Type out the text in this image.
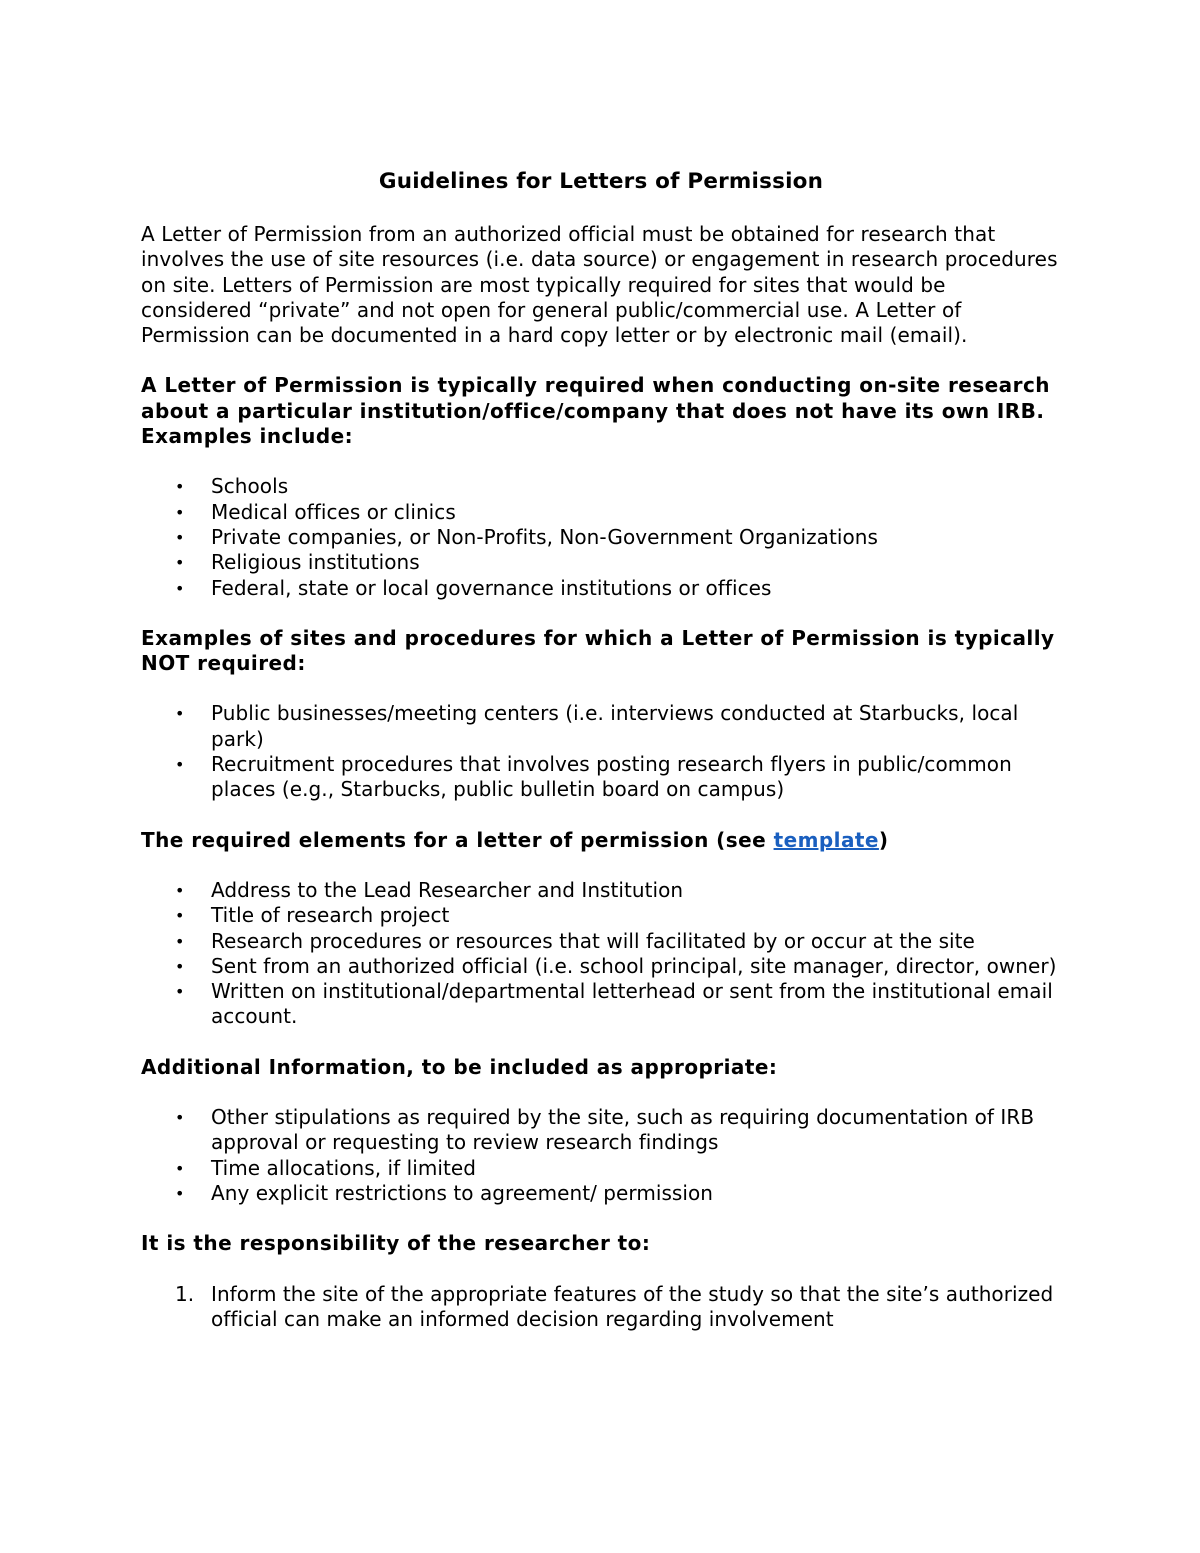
Guidelines for Letters of Permission

A Letter of Permission from an authorized official must be obtained for research that involves the use of site resources (i.e. data source) or engagement in research procedures on site. Letters of Permission are most typically required for sites that would be considered “private” and not open for general public/commercial use. A Letter of Permission can be documented in a hard copy letter or by electronic mail (email).

A Letter of Permission is typically required when conducting on-site research about a particular institution/office/company that does not have its own IRB. Examples include:

• Schools
• Medical offices or clinics
• Private companies, or Non-Profits, Non-Government Organizations
• Religious institutions
• Federal, state or local governance institutions or offices

Examples of sites and procedures for which a Letter of Permission is typically NOT required:

• Public businesses/meeting centers (i.e. interviews conducted at Starbucks, local park)
• Recruitment procedures that involves posting research flyers in public/common places (e.g., Starbucks, public bulletin board on campus)

The required elements for a letter of permission (see template)

• Address to the Lead Researcher and Institution
• Title of research project
• Research procedures or resources that will facilitated by or occur at the site
• Sent from an authorized official (i.e. school principal, site manager, director, owner)
• Written on institutional/departmental letterhead or sent from the institutional email account.

Additional Information, to be included as appropriate:

• Other stipulations as required by the site, such as requiring documentation of IRB approval or requesting to review research findings
• Time allocations, if limited
• Any explicit restrictions to agreement/ permission

It is the responsibility of the researcher to:

1. Inform the site of the appropriate features of the study so that the site’s authorized official can make an informed decision regarding involvement
